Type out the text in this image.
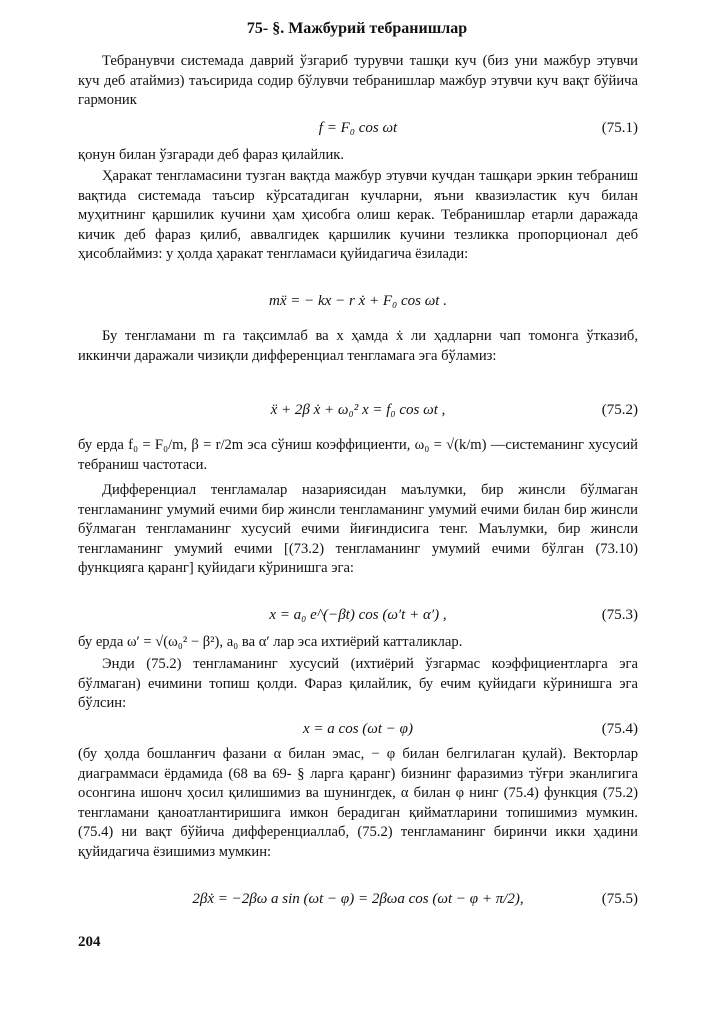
75- §. Мажбурий тебранишлар
Тебранувчи системада даврий ўзгариб турувчи ташқи куч (биз уни мажбур этувчи куч деб атаймиз) таъсирида содир бўлувчи тебранишлар мажбур этувчи куч вақт бўйича гармоник
f = F₀ cos ωt	(75.1)
қонун билан ўзгаради деб фараз қилайлик.
Ҳаракат тенгламасини тузган вақтда мажбур этувчи кучдан ташқари эркин тебраниш вақтида системада таъсир кўрсатадиган кучларни, яъни квазиэластик куч билан муҳитнинг қаршилик кучини ҳам ҳисобга олиш керак. Тебранишлар етарли даражада кичик деб фараз қилиб, аввалгидек қаршилик кучини тезликка пропорционал деб ҳисоблаймиз: у ҳолда ҳаракат тенгламаси қуйидагича ёзилади:
mẍ = − kx − r ẋ + F₀ cos ωt .
Бу тенгламани m га тақсимлаб ва x ҳамда ẋ ли ҳадларни чап томонга ўтказиб, иккинчи даражали чизиқли дифференциал тенгламага эга бўламиз:
ẍ + 2β ẋ + ω₀² x = f₀ cos ωt ,	(75.2)
бу ерда f₀ = F₀/m, β = r/2m эса сўниш коэффициенти, ω₀ = √(k/m) —системанинг хусусий тебраниш частотаси.
Дифференциал тенгламалар назариясидан маълумки, бир жинсли бўлмаган тенгламанинг умумий ечими бир жинсли тенгламанинг умумий ечими билан бир жинсли бўлмаган тенгламанинг хусусий ечими йиғиндисига тенг. Маълумки, бир жинсли тенгламанинг умумий ечими [(73.2) тенгламанинг умумий ечими бўлган (73.10) функцияга қаранг] қуйидаги кўринишга эга:
x = a₀ e^(−βt) cos (ω′t + α′) ,	(75.3)
бу ерда ω′ = √(ω₀² − β²), a₀ ва α′ лар эса ихтиёрий катталиклар.
Энди (75.2) тенгламанинг хусусий (ихтиёрий ўзгармас коэффициентларга эга бўлмаган) ечимини топиш қолди. Фараз қилайлик, бу ечим қуйидаги кўринишга эга бўлсин:
x = a cos (ωt − φ)	(75.4)
(бу ҳолда бошланғич фазани α билан эмас, − φ билан белгилаган қулай). Векторлар диаграммаси ёрдамида (68 ва 69- § ларга қаранг) бизнинг фаразимиз тўғри эканлигига осонгина ишонч ҳосил қилишимиз ва шунингдек, α билан φ нинг (75.4) функция (75.2) тенгламани қаноатлантиришига имкон берадиган қийматларини топишимиз мумкин. (75.4) ни вақт бўйича дифференциаллаб, (75.2) тенгламанинг биринчи икки ҳадини қуйидагича ёзишимиз мумкин:
2βẋ = −2βω a sin (ωt − φ) = 2βωa cos (ωt − φ + π/2),	(75.5)
204
